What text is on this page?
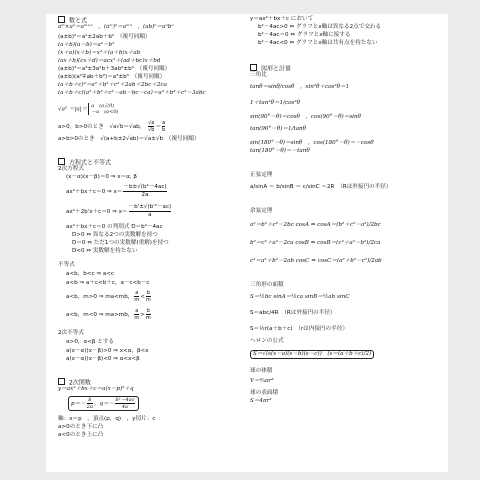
数と式
aᵐ×aⁿ＝aᵐ⁺ⁿ　，(aᵐ)ⁿ＝aᵐⁿ　，(ab)ⁿ＝aⁿbⁿ
(a±b)²＝a²±2ab＋b²　（複号同順）
(a＋b)(a－b)＝a²－b²
(x＋a)(x＋b)＝x²＋(a＋b)x＋ab
(ax＋b)(cx＋d)＝acx²＋(ad＋bc)x＋bd
(a±b)³＝a³±3a²b＋3ab²±b³　（複号同順）
(a±b)(a²∓ab＋b²)＝a³±b³　（複号同順）
(a＋b＋c)²＝a²＋b²＋c²＋2ab＋2bc＋2ca
(a＋b＋c)(a²＋b²＋c²－ab－bc－ca)＝a³＋b³＋c³－3abc
√a² ＝|a|＝
a　(a≧0)
－a　(a<0)
a>0，b>0のとき　√a√b＝√ab， $\frac{√a}{√b} = \frac{a}{b}$
a>b>0のとき　√(a+b±2√ab)＝√a±√b　（複号同順）
方程式と不等式
2次方程式
(x－α)(x－β)＝0 ⇒ x＝α, β
ax²＋bx＋c＝0 ⇒ $x= \frac{\text{－b±√(b²－4ac)}}{2a}$
ax²＋2b'x＋c＝0 ⇒ $x= \frac{\text{－b'±√(b'²－ac)}}{a}$
ax²＋bx＋c＝0 の判別式 D＝b²－4ac
D>0 ⇔ 異なる2つの実数解を持つ
D＝0 ⇔ ただ1つの実数解(重解)を持つ
D<0 ⇔ 実数解を持たない
不等式
a<b，b<c ⇒ a<c
a<b ⇒ a＋c<b＋c，a－c<b－c
a<b，m>0 ⇒ ma<mb， $\frac{a}{m} < \frac{b}{m}$
a<b，m<0 ⇒ ma>mb， $\frac{a}{m} > \frac{b}{m}$
2次不等式
α>0，α<β とする
a(x－α)(x－β)>0 ⇒ x<α，β<x
a(x－α)(x－β)<0 ⇒ α<x<β
2次関数
y＝ax²＋bx＋c＝a(x－p)²＋q
$p=- \frac{b}{2a}$ ，$q=- \frac{\text{b²－4ac}}{4a}$
軸：x＝p　，頂点(p，q)　，y切片：c
a>0のとき下に凸
a<0のとき上に凸
y＝ax²＋bx＋c において
b²－4ac>0 ⇔ グラフとx軸は異なる2点で交わる
b²－4ac＝0 ⇔ グラフとx軸に接する
b²－4ac<0 ⇔ グラフとx軸は共有点を持たない
図形と計量
三角比
tanθ＝sinθ/cosθ　，sin²θ＋cos²θ＝1
1＋tan²θ＝1/cos²θ
sin(90°－θ)＝cosθ　，cos(90°－θ)＝sinθ
tan(90°－θ)＝1/tanθ
sin(180°－θ)＝sinθ　，cos(180°－θ)＝－cosθ
tan(180°－θ)＝－tanθ
正弦定理
a/sinA ＝ b/sinB ＝ c/sinC ＝2R　（Rは外接円の半径）
余弦定理
a²＝b²＋c²－2bc cosA ⇔ cosA＝(b²＋c²－a²)/2bc
b²＝c²＋a²－2ca cosB ⇔ cosB＝(c²＋a²－b²)/2ca
c²＝a²＋b²－2ab cosC ⇔ cosC＝(a²＋b²－c²)/2ab
三角形の面積
S＝½bc sinA＝½ca sinB＝½ab sinC
S＝abc/4R　（Rは外接円の半径）
S＝½r(a＋b＋c)　（rは内接円の半径）
ヘロンの公式
S＝√(s(s－a)(s－b)(s－c))　(s＝(a＋b＋c)/2)
球の体積
V＝⁴⁄₃πr³
球の表面積
S＝4πr²
